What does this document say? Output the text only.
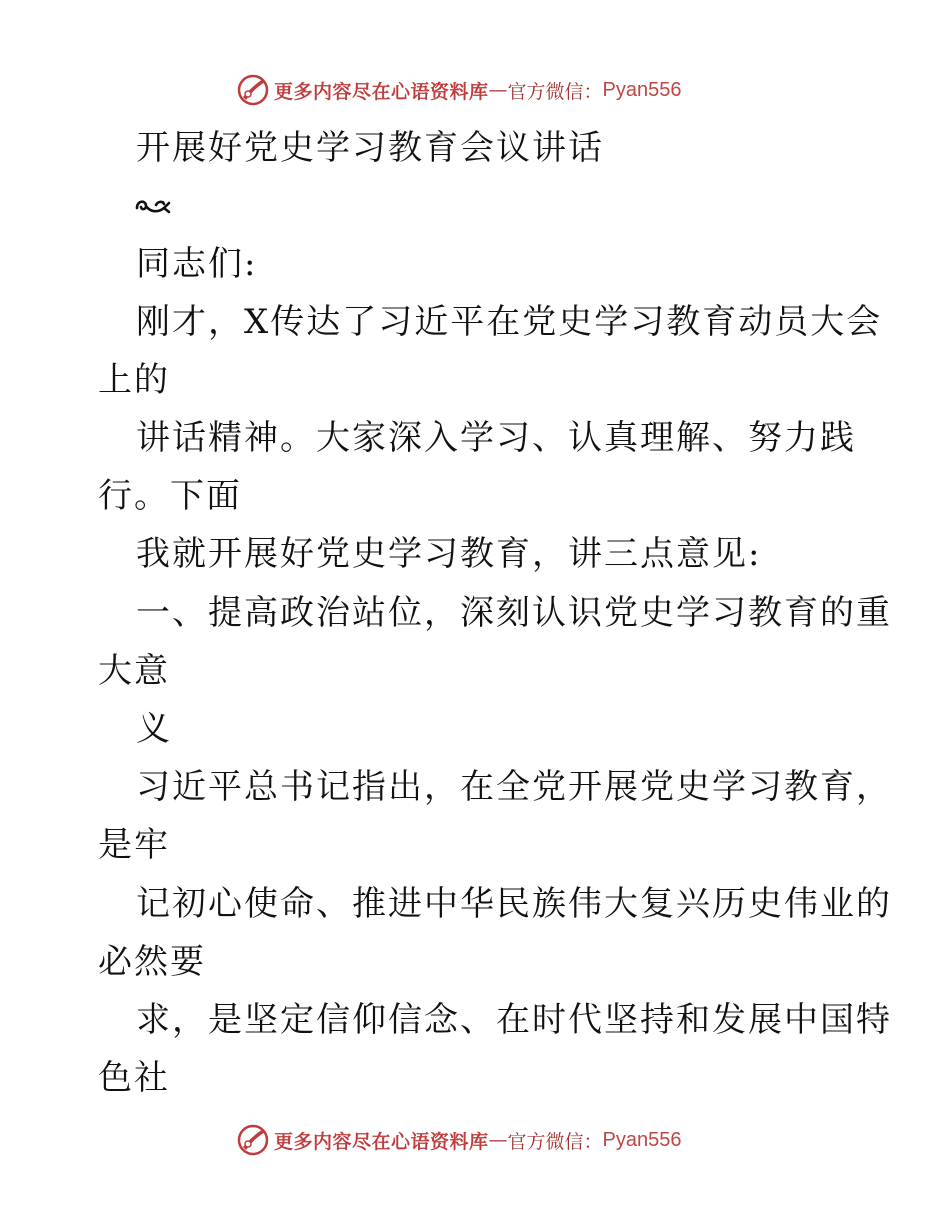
更多内容尽在心语资料库 — 官方微信： Pyan556
开展好党史学习教育会议讲话
同志们:
刚才，X传达了习近平在党史学习教育动员大会
上的
讲话精神。大家深入学习、认真理解、努力践
行。下面
我就开展好党史学习教育，讲三点意见:
一、提高政治站位，深刻认识党史学习教育的重
大意
义
习近平总书记指出，在全党开展党史学习教育，
是牢
记初心使命、推进中华民族伟大复兴历史伟业的
必然要
求，是坚定信仰信念、在时代坚持和发展中国特
色社
更多内容尽在心语资料库 — 官方微信： Pyan556
